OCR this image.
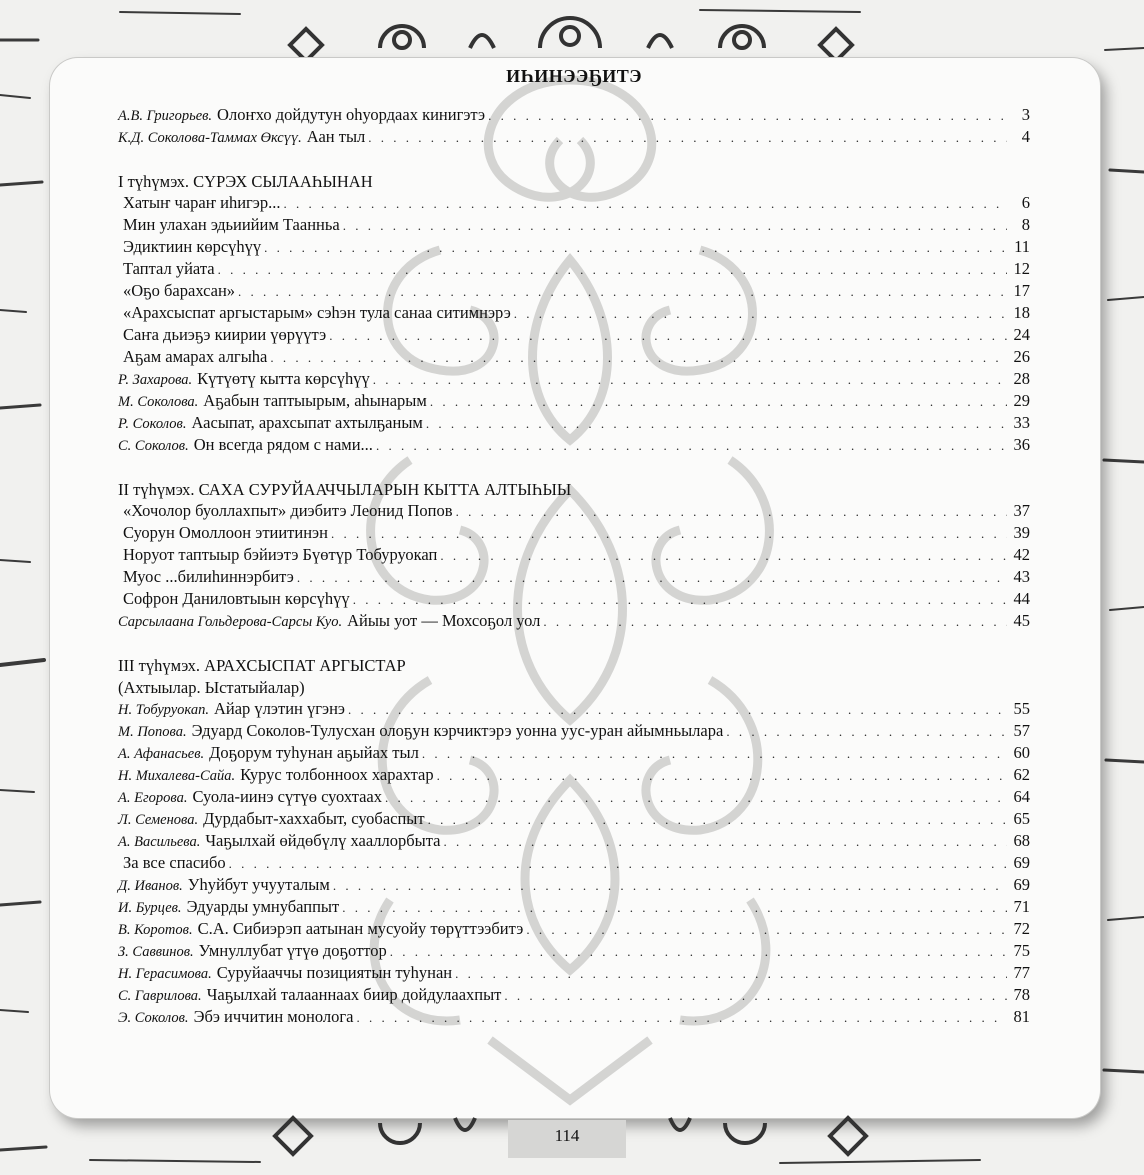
ИҺИНЭЭҔИТЭ
А.В. Григорьев. Олоҥхо дойдутун оһуордаах кинигэтэ . . .	3
К.Д. Соколова-Таммах Өксүү. Аан тыл . . .	4
I түһүмэх. СҮРЭХ СЫЛААҺЫНАН
Хатыҥ чараҥ иһигэр... . . .	6
Мин улахан эдьиийим Таанньа . . .	8
Эдиктиин көрсүһүү . . .	11
Таптал уйата . . .	12
«Оҕо барахсан» . . .	17
«Арахсыспат аргыстарым» сэһэн тула санаа ситимнэрэ . . .	18
Саҥа дьиэҕэ киирии үөрүүтэ . . .	24
Аҕам амарах алгыһа . . .	26
Р. Захарова. Күтүөтү кытта көрсүһүү . . .	28
М. Соколова. Аҕабын таптыырым, аһынарым . . .	29
Р. Соколов. Аасыпат, арахсыпат ахтылҕаным . . .	33
С. Соколов. Он всегда рядом с нами... . . .	36
II түһүмэх. САХА СУРУЙААЧЧЫЛАРЫН КЫТТА АЛТЫҺЫЫ
«Хочолор буоллахпыт» диэбитэ Леонид Попов . . .	37
Суорун Омоллоон этиитинэн . . .	39
Норуот таптыыр бэйиэтэ Бүөтүр Тобуруокап . . .	42
Муос ...билиһиннэрбитэ . . .	43
Софрон Даниловтыын көрсүһүү . . .	44
Сарсылаана Гольдерова-Сарсы Куо. Айыы уот — Мохсоҕол уол . . .	45
III түһүмэх. АРАХСЫСПАТ АРГЫСТАР
(Ахтыылар. Ыстатыйалар)
Н. Тобуруокап. Айар үлэтин үгэнэ . . .	55
М. Попова. Эдуард Соколов-Тулусхан олоҕун кэрчиктэрэ уонна уус-уран айымньылара . . .	57
А. Афанасьев. Доҕорум туһунан аҕыйах тыл . . .	60
Н. Михалева-Сайа. Курус толбонноох харахтар . . .	62
А. Егорова. Суола-иинэ сүтүө суохтаах . . .	64
Л. Семенова. Дурдабыт-хаххабыт, суобаспыт . . .	65
А. Васильева. Чаҕылхай өйдөбүлү хааллорбыта . . .	68
За все спасибо . . .	69
Д. Иванов. Уһуйбут учууталым . . .	69
И. Бурцев. Эдуарды умнубаппыт . . .	71
В. Коротов. С.А. Сибиэрэп аатынан мусуойу төрүттээбитэ . . .	72
З. Саввинов. Умнуллубат үтүө доҕоттор . . .	75
Н. Герасимова. Суруйааччы позициятын туһунан . . .	77
С. Гаврилова. Чаҕылхай талааннаах биир дойдулаахпыт . . .	78
Э. Соколов. Эбэ иччитин монолога . . .	81
114
